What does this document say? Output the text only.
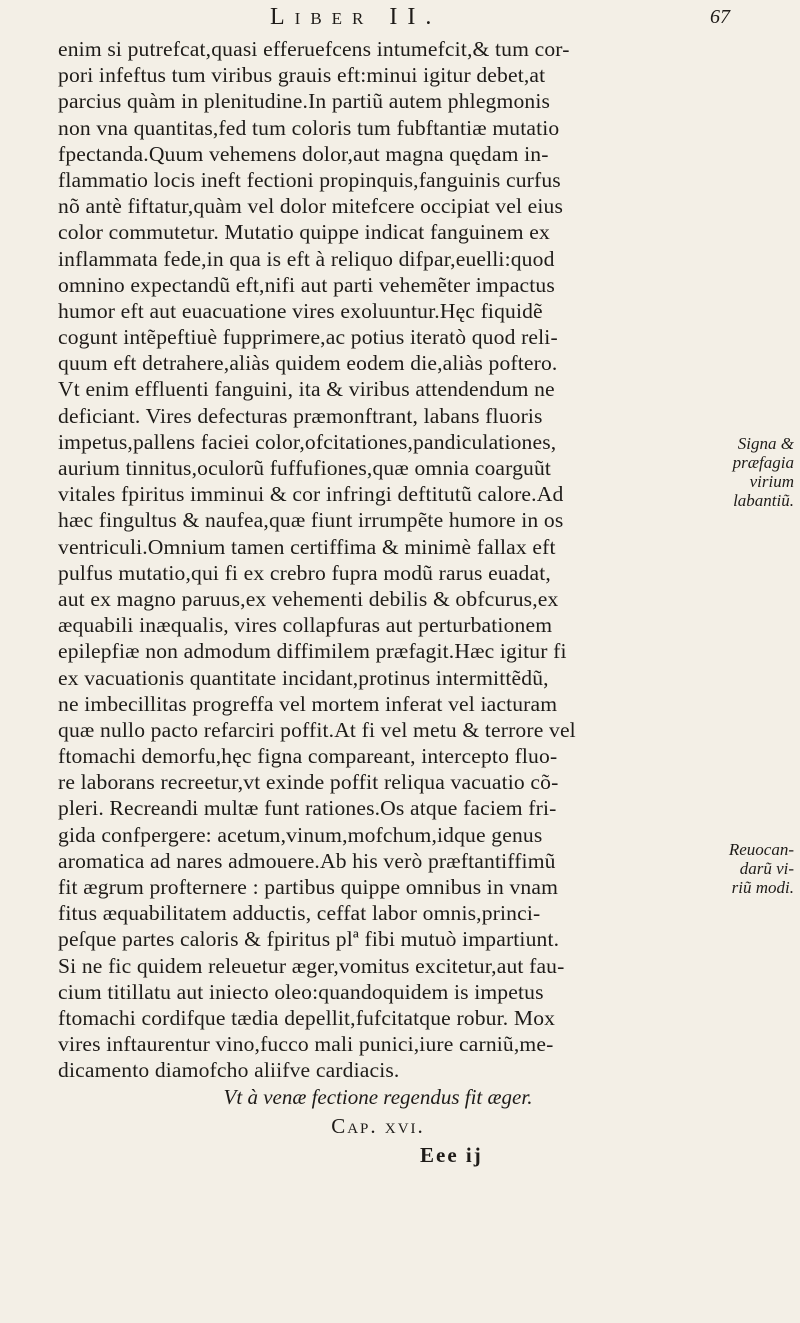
Liber II.	67
enim si putrefcat,quasi efferuefcens intumefcit,& tum cor-
pori infeftus tum viribus grauis eft:minui igitur debet,at
parcius quàm in plenitudine.In partiũ autem phlegmonis
non vna quantitas,fed tum coloris tum fubftantiæ mutatio
fpectanda.Quum vehemens dolor,aut magna quędam in-
flammatio locis ineft fectioni propinquis,fanguinis curfus
nõ antè fiftatur,quàm vel dolor mitefcere occipiat vel eius
color commutetur. Mutatio quippe indicat fanguinem ex
inflammata fede,in qua is eft à reliquo difpar,euelli:quod
omnino expectandũ eft,nifi aut parti vehemẽter impactus
humor eft aut euacuatione vires exoluuntur.Hęc fiquidẽ
cogunt intẽpeftiuè fupprimere,ac potius iteratò quod reli-
quum eft detrahere,aliàs quidem eodem die,aliàs poftero.
Vt enim effluenti fanguini, ita & viribus attendendum ne
deficiant. Vires defecturas præmonftrant, labans fluoris
impetus,pallens faciei color,ofcitationes,pandiculationes,
aurium tinnitus,oculorũ fuffufiones,quæ omnia coarguũt
vitales fpiritus imminui & cor infringi deftitutũ calore.Ad
hæc fingultus & naufea,quæ fiunt irrumpẽte humore in os
ventriculi.Omnium tamen certiffima & minimè fallax eft
pulfus mutatio,qui fi ex crebro fupra modũ rarus euadat,
aut ex magno paruus,ex vehementi debilis & obfcurus,ex
æquabili inæqualis, vires collapfuras aut perturbationem
epilepfiæ non admodum diffimilem præfagit.Hæc igitur fi
ex vacuationis quantitate incidant,protinus intermittẽdũ,
ne imbecillitas progreffa vel mortem inferat vel iacturam
quæ nullo pacto refarciri poffit.At fi vel metu & terrore vel
ftomachi demorfu,hęc figna compareant, intercepto fluo-
re laborans recreetur,vt exinde poffit reliqua vacuatio cõ-
pleri. Recreandi multæ funt rationes.Os atque faciem fri-
gida confpergere: acetum,vinum,mofchum,idque genus
aromatica ad nares admouere.Ab his verò præftantiffimũ
fit ægrum profternere : partibus quippe omnibus in vnam
fitus æquabilitatem adductis, ceffat labor omnis,princi-
peſque partes caloris & fpiritus plª fibi mutuò impartiunt.
Si ne fic quidem releuetur æger,vomitus excitetur,aut fau-
cium titillatu aut iniecto oleo:quandoquidem is impetus
ftomachi cordifque tædia depellit,fufcitatque robur. Mox
vires inftaurentur vino,fucco mali punici,iure carniũ,me-
dicamento diamofcho aliifve cardiacis.
Signa &
præfagia
virium
labantiũ.
Reuocan-
darũ vi-
riũ modi.
Vt à venæ fectione regendus fit æger.
Cap. xvi.
Eee ij
